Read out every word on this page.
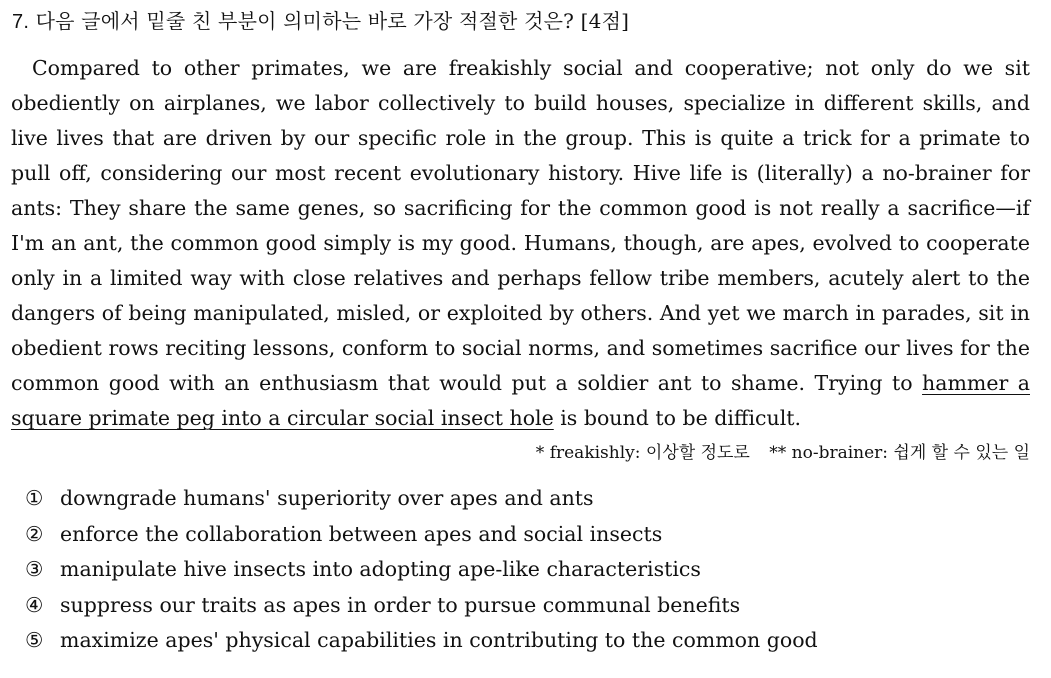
7. 다음 글에서 밑줄 친 부분이 의미하는 바로 가장 적절한 것은? [4점]

Compared to other primates, we are freakishly social and cooperative; not only do we sit obediently on airplanes, we labor collectively to build houses, specialize in different skills, and live lives that are driven by our specific role in the group. This is quite a trick for a primate to pull off, considering our most recent evolutionary history. Hive life is (literally) a no-brainer for ants: They share the same genes, so sacrificing for the common good is not really a sacrifice—if I'm an ant, the common good simply is my good. Humans, though, are apes, evolved to cooperate only in a limited way with close relatives and perhaps fellow tribe members, acutely alert to the dangers of being manipulated, misled, or exploited by others. And yet we march in parades, sit in obedient rows reciting lessons, conform to social norms, and sometimes sacrifice our lives for the common good with an enthusiasm that would put a soldier ant to shame. Trying to hammer a square primate peg into a circular social insect hole is bound to be difficult.

* freakishly: 이상할 정도로 ** no-brainer: 쉽게 할 수 있는 일
① downgrade humans' superiority over apes and ants
② enforce the collaboration between apes and social insects
③ manipulate hive insects into adopting ape-like characteristics
④ suppress our traits as apes in order to pursue communal benefits
⑤ maximize apes' physical capabilities in contributing to the common good
